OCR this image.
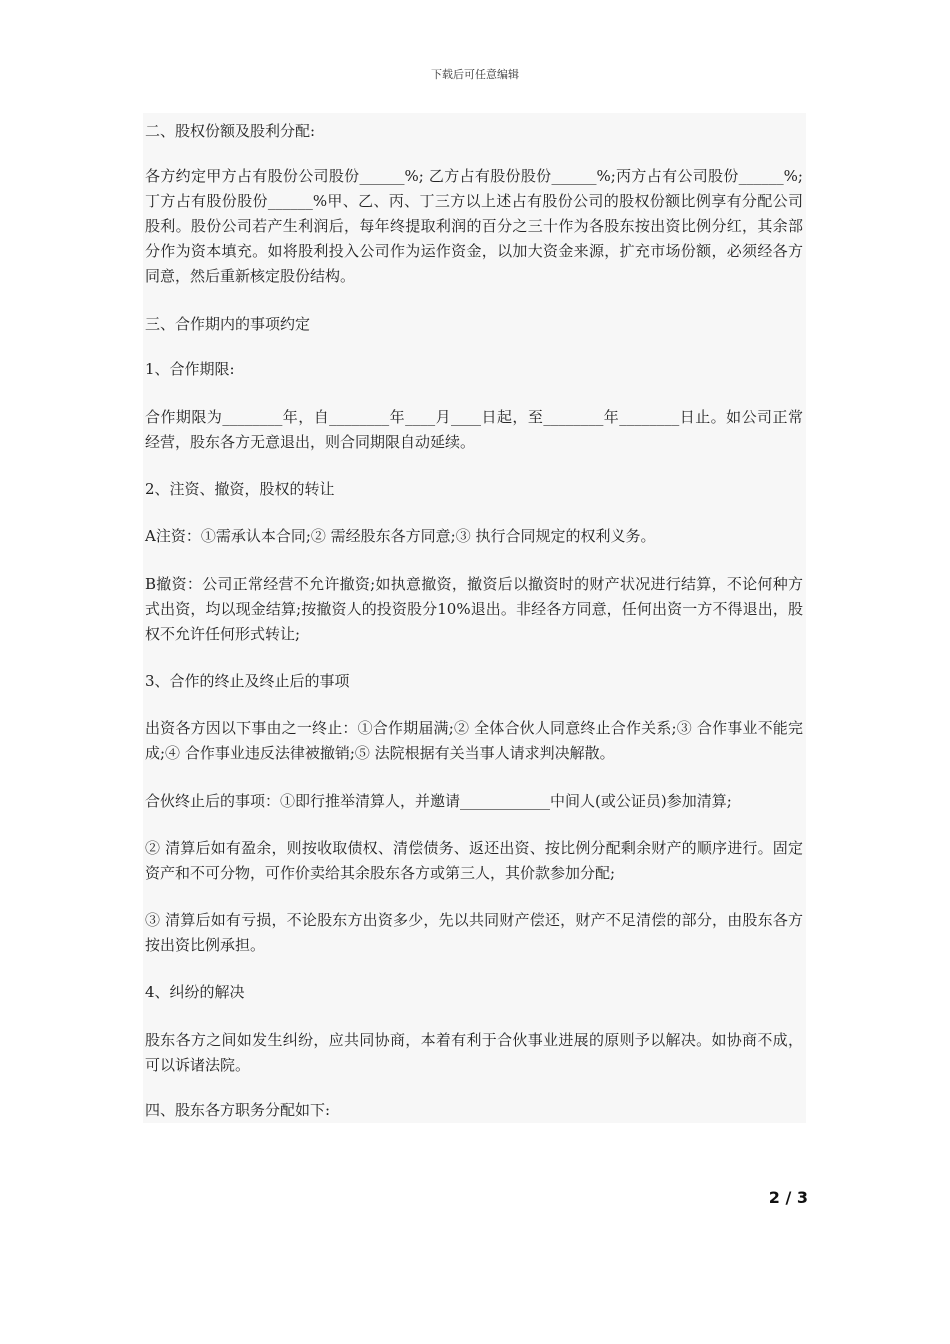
下载后可任意编辑

二、股权份额及股利分配:

各方约定甲方占有股份公司股份______%; 乙方占有股份股份______%;丙方占有公司股份______%; 丁方占有股份股份______%甲、乙、丙、丁三方以上述占有股份公司的股权份额比例享有分配公司股利。股份公司若产生利润后，每年终提取利润的百分之三十作为各股东按出资比例分红，其余部分作为资本填充。如将股利投入公司作为运作资金，以加大资金来源，扩充市场份额，必须经各方同意，然后重新核定股份结构。

三、合作期内的事项约定

1、合作期限:

合作期限为________年，自________年____月____日起，至________年________日止。如公司正常经营，股东各方无意退出，则合同期限自动延续。

2、注资、撤资，股权的转让

A注资：①需承认本合同;② 需经股东各方同意;③ 执行合同规定的权利义务。

B撤资：公司正常经营不允许撤资;如执意撤资，撤资后以撤资时的财产状况进行结算，不论何种方式出资，均以现金结算;按撤资人的投资股分10%退出。非经各方同意，任何出资一方不得退出，股权不允许任何形式转让;

3、合作的终止及终止后的事项

出资各方因以下事由之一终止：①合作期届满;② 全体合伙人同意终止合作关系;③ 合作事业不能完成;④ 合作事业违反法律被撤销;⑤ 法院根据有关当事人请求判决解散。

合伙终止后的事项：①即行推举清算人，并邀请____________中间人(或公证员)参加清算;

② 清算后如有盈余，则按收取债权、清偿债务、返还出资、按比例分配剩余财产的顺序进行。固定资产和不可分物，可作价卖给其余股东各方或第三人，其价款参加分配;

③ 清算后如有亏损，不论股东方出资多少，先以共同财产偿还，财产不足清偿的部分，由股东各方按出资比例承担。

4、纠纷的解决

股东各方之间如发生纠纷，应共同协商，本着有利于合伙事业进展的原则予以解决。如协商不成，可以诉诸法院。

四、股东各方职务分配如下:

2 / 3
